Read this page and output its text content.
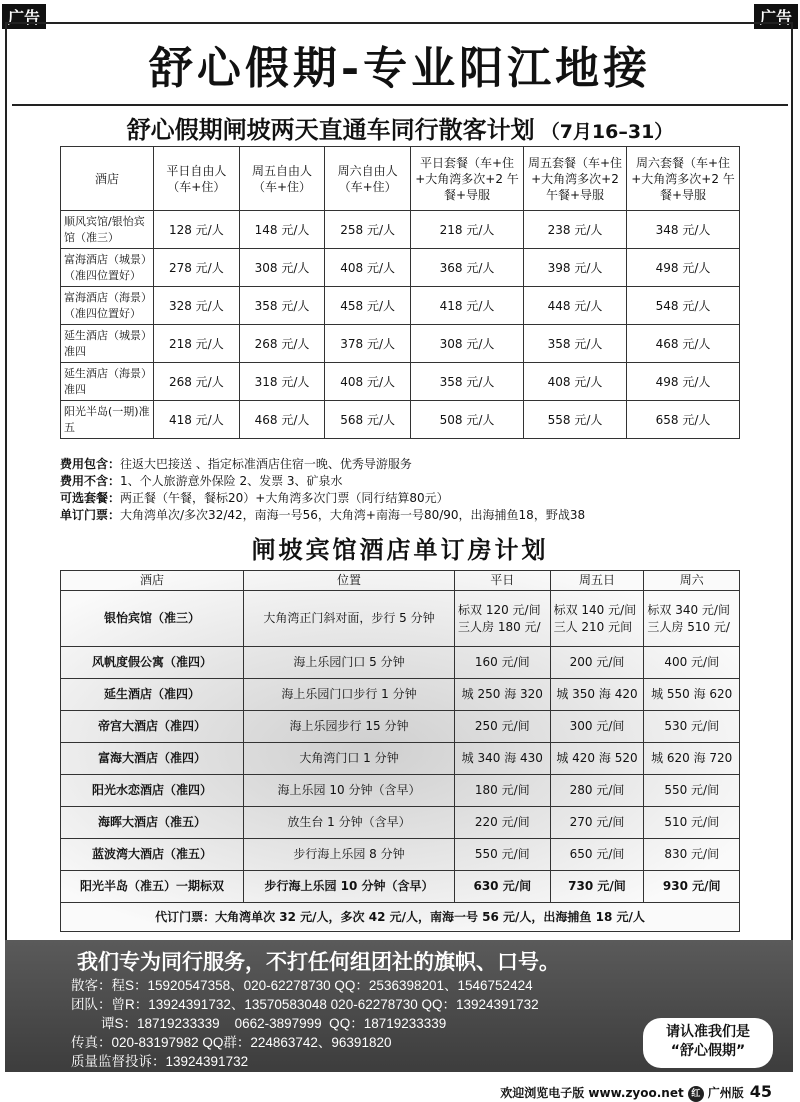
广告	广告
舒心假期-专业阳江地接
舒心假期闸坡两天直通车同行散客计划 （7月16–31）
酒店	平日自由人（车+住）	周五自由人（车+住）	周六自由人（车+住）	平日套餐（车+住+大角湾多次+2 午餐+导服	周五套餐（车+住+大角湾多次+2 午餐+导服	周六套餐（车+住+大角湾多次+2 午餐+导服
顺风宾馆/银怡宾馆（准三）	128 元/人	148 元/人	258 元/人	218 元/人	238 元/人	348 元/人
富海酒店（城景）（准四位置好）	278 元/人	308 元/人	408 元/人	368 元/人	398 元/人	498 元/人
富海酒店（海景）（准四位置好）	328 元/人	358 元/人	458 元/人	418 元/人	448 元/人	548 元/人
延生酒店（城景）准四	218 元/人	268 元/人	378 元/人	308 元/人	358 元/人	468 元/人
延生酒店（海景）准四	268 元/人	318 元/人	408 元/人	358 元/人	408 元/人	498 元/人
阳光半岛(一期)准五	418 元/人	468 元/人	568 元/人	508 元/人	558 元/人	658 元/人
费用包含：往返大巴接送 、指定标准酒店住宿一晚、优秀导游服务
费用不含：1、个人旅游意外保险 2、发票 3、矿泉水
可选套餐：两正餐（午餐，餐标20）+大角湾多次门票（同行结算80元）
单订门票：大角湾单次/多次32/42，南海一号56，大角湾+南海一号80/90，出海捕鱼18，野战38
闸坡宾馆酒店单订房计划
酒店	位置	平日	周五日	周六
银怡宾馆（准三）	大角湾正门斜对面，步行 5 分钟	标双 120 元/间 三人房 180 元/	标双 140 元/间 三人 210 元间	标双 340 元/间 三人房 510 元/
风帆度假公寓（准四）	海上乐园门口 5 分钟	160 元/间	200 元/间	400 元/间
延生酒店（准四）	海上乐园门口步行 1 分钟	城 250 海 320	城 350 海 420	城 550 海 620
帝宫大酒店（准四）	海上乐园步行 15 分钟	250 元/间	300 元/间	530 元/间
富海大酒店（准四）	大角湾门口 1 分钟	城 340 海 430	城 420 海 520	城 620 海 720
阳光水恋酒店（准四）	海上乐园 10 分钟（含早）	180 元/间	280 元/间	550 元/间
海晖大酒店（准五）	放生台 1 分钟（含早）	220 元/间	270 元/间	510 元/间
蓝波湾大酒店（准五）	步行海上乐园 8 分钟	550 元/间	650 元/间	830 元/间
阳光半岛（准五）一期标双	步行海上乐园 10 分钟（含早）	630 元/间	730 元/间	930 元/间
代订门票：大角湾单次 32 元/人，多次 42 元/人，南海一号 56 元/人，出海捕鱼 18 元/人				
我们专为同行服务，不打任何组团社的旗帜、口号。
散客：程S：15920547358、020-62278730 QQ：2536398201、1546752424
团队：曾R：13924391732、13570583048 020-62278730 QQ：13924391732
谭S：18719233339    0662-3897999  QQ：18719233339
传真：020-83197982 QQ群：224863742、96391820
质量监督投诉：13924391732
请认准我们是
“舒心假期”
欢迎浏览电子版 www.zyoo.net 红 广州版 45
